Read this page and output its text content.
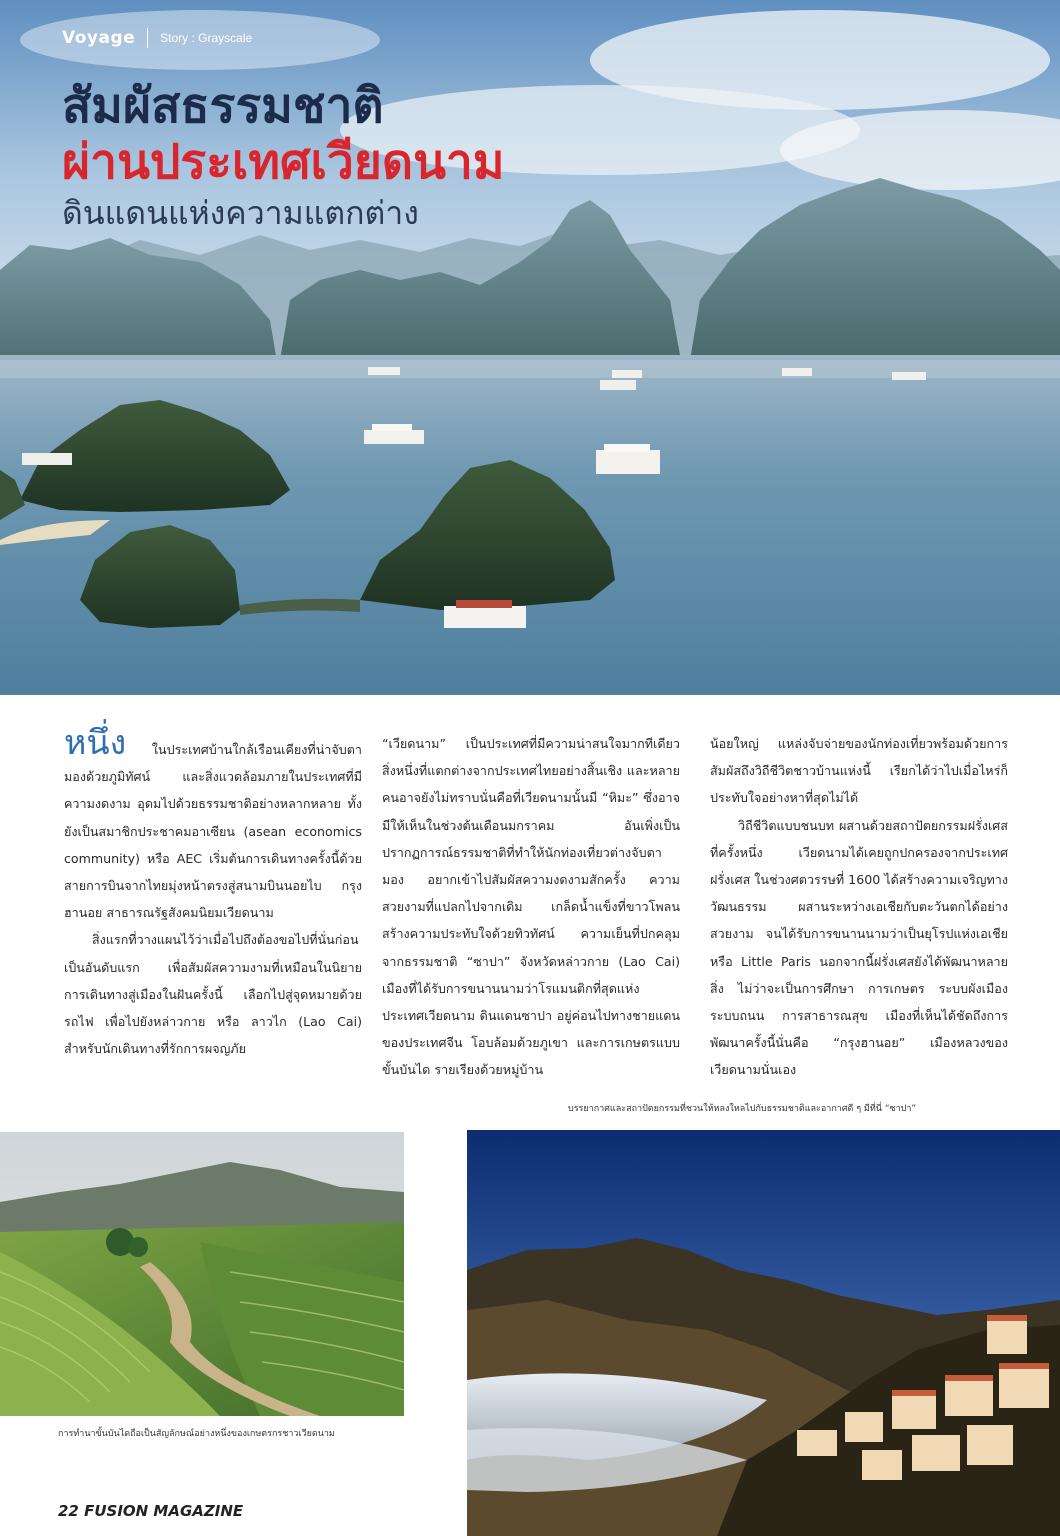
Voyage Story : Grayscale
สัมผัสธรรมชาติ
ผ่านประเทศเวียดนาม
ดินแดนแห่งความแตกต่าง

หนึ่ง ในประเทศบ้านใกล้เรือนเคียงที่น่าจับตามองด้วยภูมิทัศน์ และสิ่งแวดล้อมภายในประเทศที่มีความงดงาม อุดมไปด้วยธรรมชาติอย่างหลากหลาย ทั้งยังเป็นสมาชิกประชาคมอาเซียน (asean economics community) หรือ AEC เริ่มต้นการเดินทางครั้งนี้ด้วยสายการบินจากไทยมุ่งหน้าตรงสู่สนามบินนอยไบ กรุงฮานอย สาธารณรัฐสังคมนิยมเวียดนาม

สิ่งแรกที่วางแผนไว้ว่าเมื่อไปถึงต้องขอไปที่นั่นก่อนเป็นอันดับแรก เพื่อสัมผัสความงามที่เหมือนในนิยาย การเดินทางสู่เมืองในฝันครั้งนี้ เลือกไปสู่จุดหมายด้วยรถไฟ เพื่อไปยังหล่าวกาย หรือ ลาวไก (Lao Cai) สำหรับนักเดินทางที่รักการผจญภัย

“เวียดนาม” เป็นประเทศที่มีความน่าสนใจมากทีเดียว สิ่งหนึ่งที่แตกต่างจากประเทศไทยอย่างสิ้นเชิง และหลายคนอาจยังไม่ทราบนั่นคือที่เวียดนามนั้นมี “หิมะ” ซึ่งอาจมีให้เห็นในช่วงต้นเดือนมกราคม อันเพิ่งเป็นปรากฏการณ์ธรรมชาติที่ทำให้นักท่องเที่ยวต่างจับตามอง อยากเข้าไปสัมผัสความงดงามสักครั้ง ความสวยงามที่แปลกไปจากเดิม เกล็ดน้ำแข็งที่ขาวโพลนสร้างความประทับใจด้วยทิวทัศน์ ความเย็นที่ปกคลุมจากธรรมชาติ “ซาปา” จังหวัดหล่าวกาย (Lao Cai) เมืองที่ได้รับการขนานนามว่าโรแมนติกที่สุดแห่งประเทศเวียดนาม ดินแดนซาปา อยู่ค่อนไปทางชายแดนของประเทศจีน โอบล้อมด้วยภูเขา และการเกษตรแบบขั้นบันได รายเรียงด้วยหมู่บ้าน

น้อยใหญ่ แหล่งจับจ่ายของนักท่องเที่ยวพร้อมด้วยการสัมผัสถึงวิถีชีวิตชาวบ้านแห่งนี้ เรียกได้ว่าไปเมื่อไหร่ก็ประทับใจอย่างหาที่สุดไม่ได้

วิถีชีวิตแบบชนบท ผสานด้วยสถาปัตยกรรมฝรั่งเศสที่ครั้งหนึ่ง เวียดนามได้เคยถูกปกครองจากประเทศฝรั่งเศส ในช่วงศตวรรษที่ 1600 ได้สร้างความเจริญทางวัฒนธรรม ผสานระหว่างเอเชียกับตะวันตกได้อย่างสวยงาม จนได้รับการขนานนามว่าเป็นยุโรปแห่งเอเชีย หรือ Little Paris นอกจากนี้ฝรั่งเศสยังได้พัฒนาหลายสิ่ง ไม่ว่าจะเป็นการศึกษา การเกษตร ระบบผังเมือง ระบบถนน การสาธารณสุข เมืองที่เห็นได้ชัดถึงการพัฒนาครั้งนี้นั่นคือ “กรุงฮานอย” เมืองหลวงของเวียดนามนั่นเอง

บรรยากาศและสถาปัตยกรรมที่ชวนให้หลงใหลไปกับธรรมชาติและอากาศดี ๆ มีที่นี่ “ซาปา”
การทำนาขั้นบันไดถือเป็นสัญลักษณ์อย่างหนึ่งของเกษตรกรชาวเวียดนาม
22 FUSION MAGAZINE
